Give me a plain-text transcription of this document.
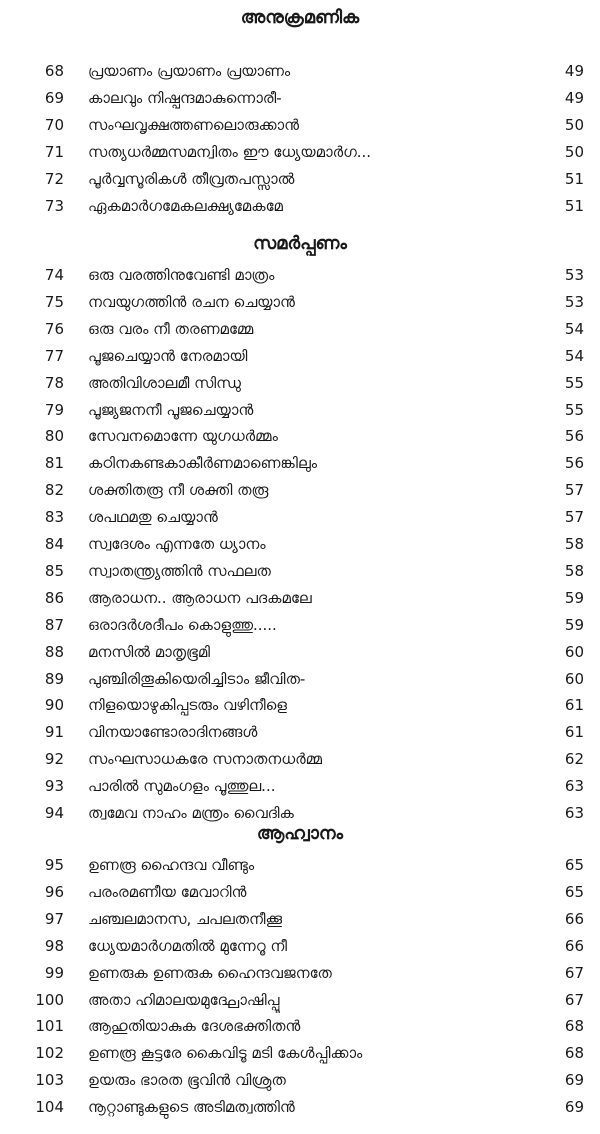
അനുക്രമണിക
68 പ്രയാണം പ്രയാണം പ്രയാണം	49
69 കാലവും നിഷ്പന്ദമാകുന്നൊരീ-	49
70 സംഘവൃക്ഷത്തണലൊരുക്കാൻ	50
71 സത്യധർമ്മസമന്വിതം ഈ ധ്യേയമാർഗ...	50
72 പൂർവ്വസൂരികൾ തീവ്രതപസ്സാൽ	51
73 ഏകമാർഗമേകലക്ഷ്യമേകമേ	51
സമർപ്പണം
74 ഒരു വരത്തിനുവേണ്ടി മാത്രം	53
75 നവയുഗത്തിൻ രചന ചെയ്യാൻ	53
76 ഒരു വരം നീ തരണമമ്മേ	54
77 പൂജചെയ്യാൻ നേരമായി	54
78 അതിവിശാലമീ സിന്ധു	55
79 പൂജ്യജനനീ പൂജചെയ്യാൻ	55
80 സേവനമൊന്നേ യുഗധർമ്മം	56
81 കഠിനകണ്ടകാകീർണമാണെങ്കിലും	56
82 ശക്തിതരൂ നീ ശക്തി തരൂ	57
83 ശപഥമതു ചെയ്യാൻ	57
84 സ്വദേശം എന്നതേ ധ്യാനം	58
85 സ്വാതന്ത്ര്യത്തിൻ സഫലത	58
86 ആരാധന.. ആരാധന പദകമലേ	59
87 ഒരാദർശദീപം കൊളുത്തു.....	59
88 മനസിൽ മാതൃഭൂമി	60
89 പുഞ്ചിരിതൂകിയെരിച്ചിടാം ജീവിത-	60
90 നിളയൊഴുകിപ്പടരും വഴിനീളെ	61
91 വിനയാണ്ടോരാദിനങ്ങൾ	61
92 സംഘസാധകരേ സനാതനധർമ്മ	62
93 പാരിൽ സുമംഗളം പൂത്തുല...	63
94 ത്വമേവ നാഹം മന്ത്രം വൈദിക	63
ആഹ്വാനം
95 ഉണരൂ ഹൈന്ദവ വീണ്ടും	65
96 പരംരമണീയ മേവാറിൻ	65
97 ചഞ്ചലമാനസ, ചപലതനീക്കൂ	66
98 ധ്യേയമാർഗമതിൽ മുന്നേറൂ നീ	66
99 ഉണരുക ഉണരുക ഹൈന്ദവജനതേ	67
100 അതാ ഹിമാലയമുദ്ഘോഷിപ്പൂ	67
101 ആഹുതിയാകുക ദേശഭക്തിതൻ	68
102 ഉണരൂ കൂട്ടരേ കൈവിടൂ മടി കേൾപ്പിക്കാം	68
103 ഉയരും ഭാരത ഭൂവിൻ വിശ്രുത	69
104 നൂറ്റാണ്ടുകളുടെ അടിമത്വത്തിൻ	69
